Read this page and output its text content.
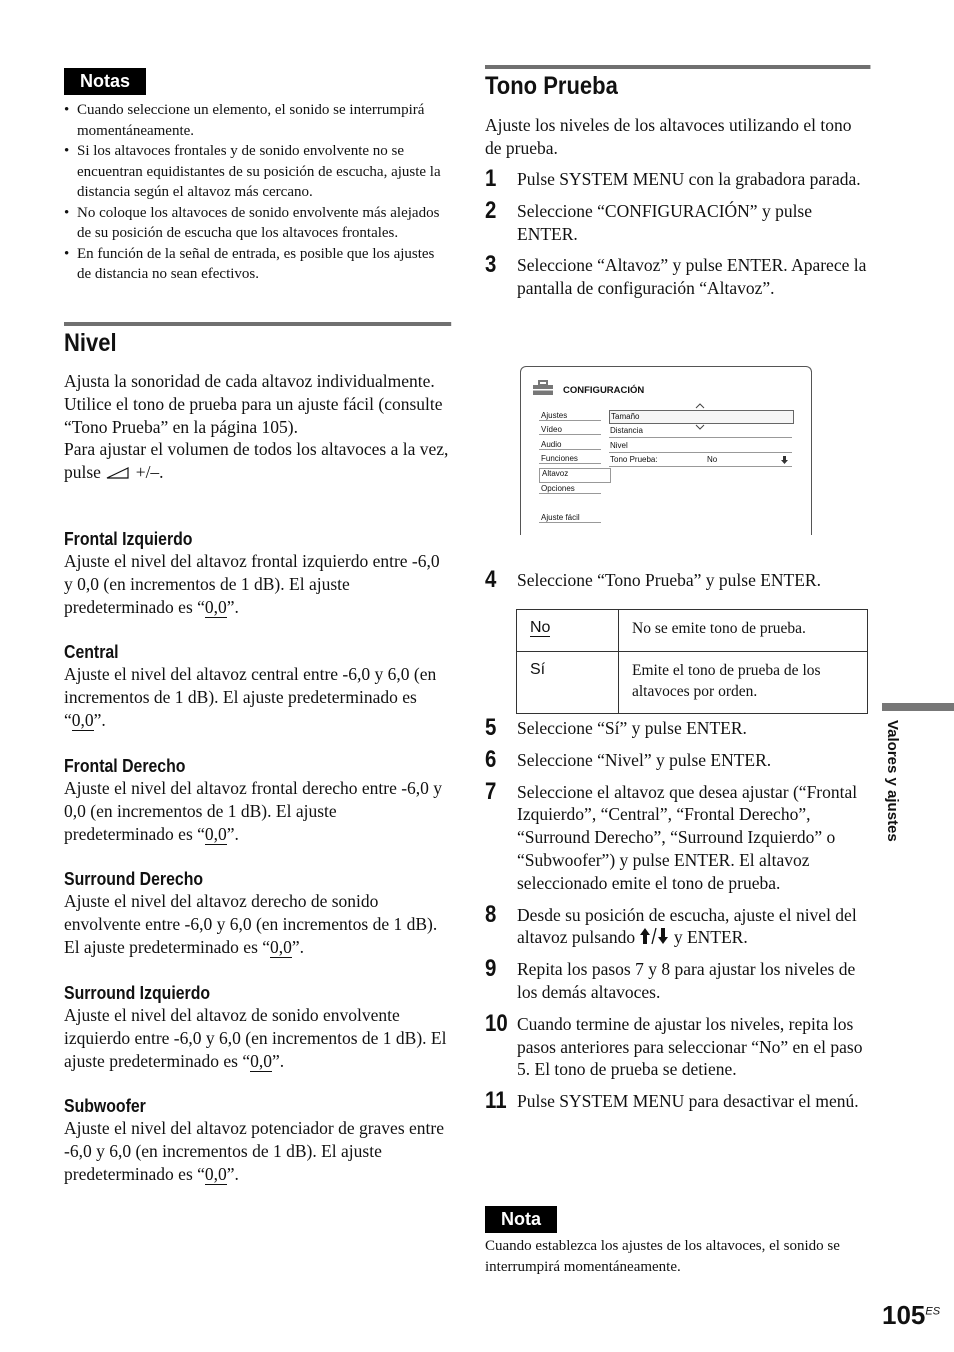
Notas
• Cuando seleccione un elemento, el sonido se interrumpirá momentáneamente.
• Si los altavoces frontales y de sonido envolvente no se encuentran equidistantes de su posición de escucha, ajuste la distancia según el altavoz más cercano.
• No coloque los altavoces de sonido envolvente más alejados de su posición de escucha que los altavoces frontales.
• En función de la señal de entrada, es posible que los ajustes de distancia no sean efectivos.
Nivel

Ajusta la sonoridad de cada altavoz individualmente. Utilice el tono de prueba para un ajuste fácil (consulte “Tono Prueba” en la página 105).

Para ajustar el volumen de todos los altavoces a la vez, pulse +/–.

Frontal Izquierdo

Ajuste el nivel del altavoz frontal izquierdo entre -6,0 y 0,0 (en incrementos de 1 dB). El ajuste predeterminado es “0,0”.

Central

Ajuste el nivel del altavoz central entre -6,0 y 6,0 (en incrementos de 1 dB). El ajuste predeterminado es “0,0”.

Frontal Derecho

Ajuste el nivel del altavoz frontal derecho entre -6,0 y 0,0 (en incrementos de 1 dB). El ajuste predeterminado es “0,0”.

Surround Derecho

Ajuste el nivel del altavoz derecho de sonido envolvente entre -6,0 y 6,0 (en incrementos de 1 dB). El ajuste predeterminado es “0,0”.

Surround Izquierdo

Ajuste el nivel del altavoz de sonido envolvente izquierdo entre -6,0 y 6,0 (en incrementos de 1 dB). El ajuste predeterminado es “0,0”.

Subwoofer

Ajuste el nivel del altavoz potenciador de graves entre -6,0 y 6,0 (en incrementos de 1 dB). El ajuste predeterminado es “0,0”.

Tono Prueba

Ajuste los niveles de los altavoces utilizando el tono de prueba.

1	Pulse SYSTEM MENU con la grabadora parada.
2	Seleccione “CONFIGURACIÓN” y pulse ENTER.
3	Seleccione “Altavoz” y pulse ENTER. Aparece la pantalla de configuración “Altavoz”.
4	Seleccione “Tono Prueba” y pulse ENTER.
5	Seleccione “Sí” y pulse ENTER.
6	Seleccione “Nivel” y pulse ENTER.
7	Seleccione el altavoz que desea ajustar (“Frontal Izquierdo”, “Central”, “Frontal Derecho”, “Surround Derecho”, “Surround Izquierdo” o “Subwoofer”) y pulse ENTER. El altavoz seleccionado emite el tono de prueba.
8	Desde su posición de escucha, ajuste el nivel del altavoz pulsando y ENTER.
9	Repita los pasos 7 y 8 para ajustar los niveles de los demás altavoces.
10 Cuando termine de ajustar los niveles, repita los pasos anteriores para seleccionar “No” en el paso 5. El tono de prueba se detiene.
11 Pulse SYSTEM MENU para desactivar el menú.
Nota

Cuando establezca los ajustes de los altavoces, el sonido se interrumpirá momentáneamente.

CONFIGURACIÓN
Ajustes
Vídeo
Audio
Funciones
Altavoz
Opciones
Ajuste fácil
Tamaño
Distancia
Nivel
Tono Prueba:	No
No	No se emite tono de prueba.
Sí	Emite el tono de prueba de los altavoces por orden.
Valores y ajustes
$105^{ES}$
